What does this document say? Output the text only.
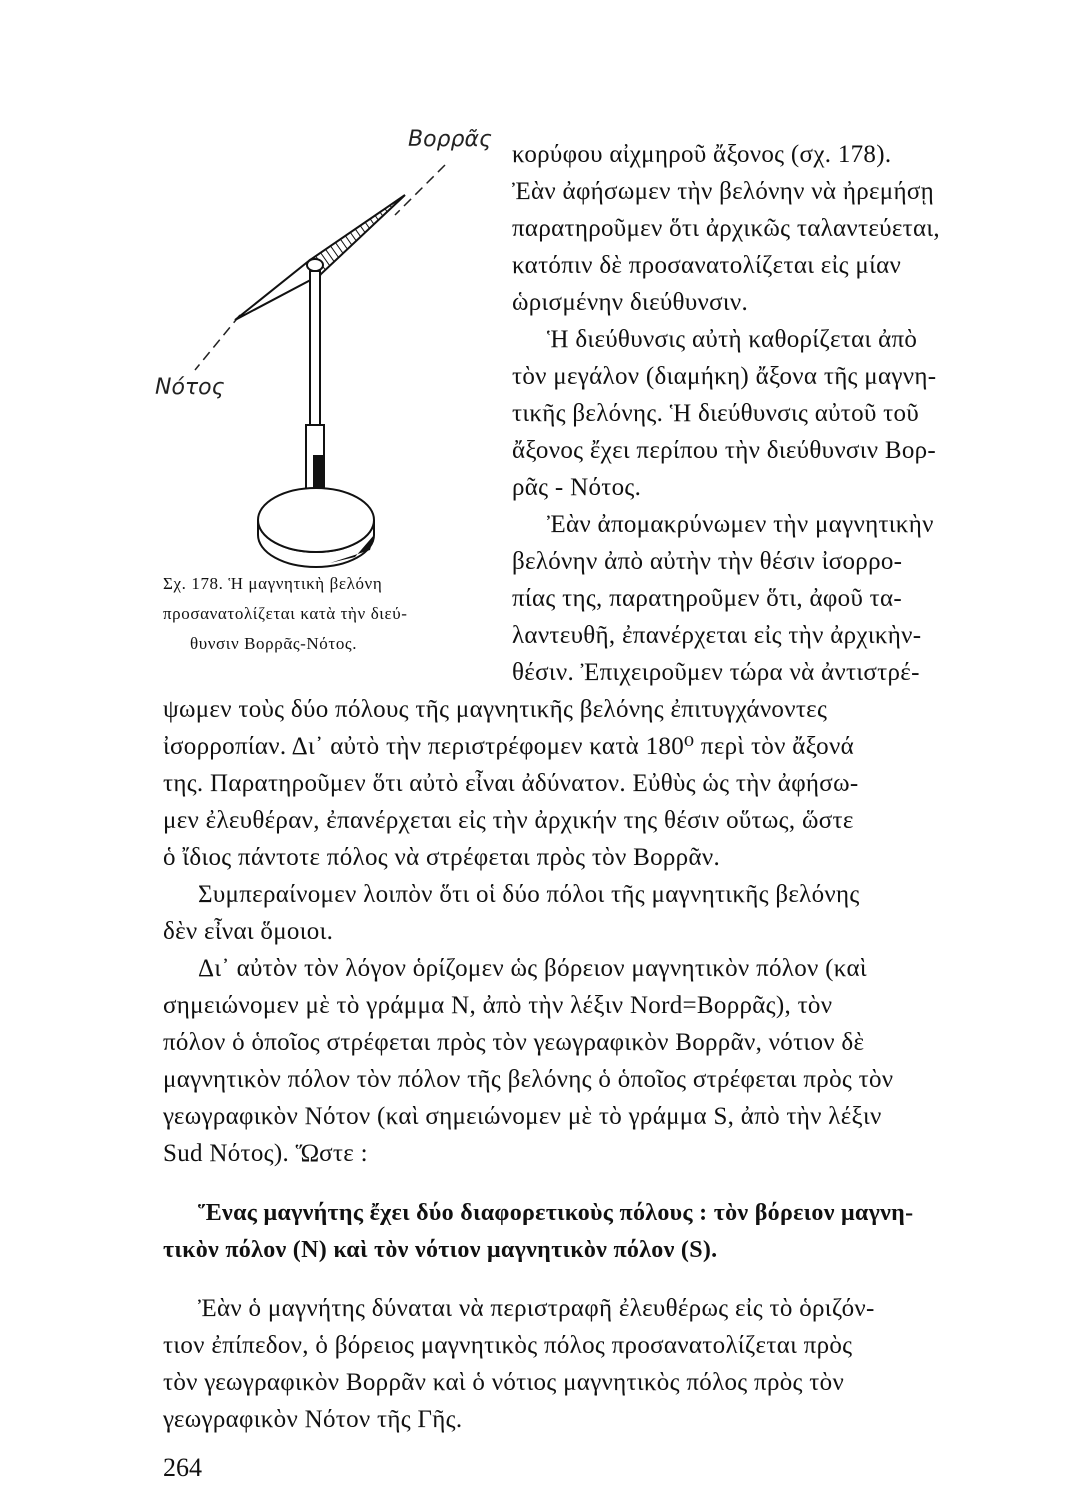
Βορρᾶς
Νότος
Σχ. 178. Ἡ μαγνητικὴ βελόνη
προσανατολίζεται κατὰ τὴν διεύ-
θυνσιν Βορρᾶς-Νότος.
κορύφου αἰχμηροῦ ἄξονος (σχ. 178).
Ἐὰν ἀφήσωμεν τὴν βελόνην νὰ ἠρεμήσῃ
παρατηροῦμεν ὅτι ἀρχικῶς ταλαντεύεται,
κατόπιν δὲ προσανατολίζεται εἰς μίαν
ὡρισμένην διεύθυνσιν.
Ἡ διεύθυνσις αὐτὴ καθορίζεται ἀπὸ
τὸν μεγάλον (διαμήκη) ἄξονα τῆς μαγνη-
τικῆς βελόνης. Ἡ διεύθυνσις αὐτοῦ τοῦ
ἄξονος ἔχει περίπου τὴν διεύθυνσιν Βορ-
ρᾶς - Νότος.
Ἐὰν ἀπομακρύνωμεν τὴν μαγνητικὴν
βελόνην ἀπὸ αὐτὴν τὴν θέσιν ἰσορρο-
πίας της, παρατηροῦμεν ὅτι, ἀφοῦ τα-
λαντευθῆ, ἐπανέρχεται εἰς τὴν ἀρχικὴν-
θέσιν. Ἐπιχειροῦμεν τώρα νὰ ἀντιστρέ-
ψωμεν τοὺς δύο πόλους τῆς μαγνητικῆς βελόνης ἐπιτυγχάνοντες
ἰσορροπίαν. Δι᾽ αὐτὸ τὴν περιστρέφομεν κατὰ 180⁰ περὶ τὸν ἄξονά
της. Παρατηροῦμεν ὅτι αὐτὸ εἶναι ἀδύνατον. Εὐθὺς ὡς τὴν ἀφήσω-
μεν ἐλευθέραν, ἐπανέρχεται εἰς τὴν ἀρχικήν της θέσιν οὕτως, ὥστε
ὁ ἴδιος πάντοτε πόλος νὰ στρέφεται πρὸς τὸν Βορρᾶν.
Συμπεραίνομεν λοιπὸν ὅτι οἱ δύο πόλοι τῆς μαγνητικῆς βελόνης
δὲν εἶναι ὅμοιοι.
Δι᾽ αὐτὸν τὸν λόγον ὁρίζομεν ὡς βόρειον μαγνητικὸν πόλον (καὶ
σημειώνομεν μὲ τὸ γράμμα Ν, ἀπὸ τὴν λέξιν Nord=Βορρᾶς), τὸν
πόλον ὁ ὁποῖος στρέφεται πρὸς τὸν γεωγραφικὸν Βορρᾶν, νότιον δὲ
μαγνητικὸν πόλον τὸν πόλον τῆς βελόνης ὁ ὁποῖος στρέφεται πρὸς τὸν
γεωγραφικὸν Νότον (καὶ σημειώνομεν μὲ τὸ γράμμα S, ἀπὸ τὴν λέξιν
Sud Νότος). Ὥστε :
Ἕνας μαγνήτης ἔχει δύο διαφορετικοὺς πόλους : τὸν βόρειον μαγνη-
τικὸν πόλον (Ν) καὶ τὸν νότιον μαγνητικὸν πόλον (S).
Ἐὰν ὁ μαγνήτης δύναται νὰ περιστραφῆ ἐλευθέρως εἰς τὸ ὁριζόν-
τιον ἐπίπεδον, ὁ βόρειος μαγνητικὸς πόλος προσανατολίζεται πρὸς
τὸν γεωγραφικὸν Βορρᾶν καὶ ὁ νότιος μαγνητικὸς πόλος πρὸς τὸν
γεωγραφικὸν Νότον τῆς Γῆς.
264
